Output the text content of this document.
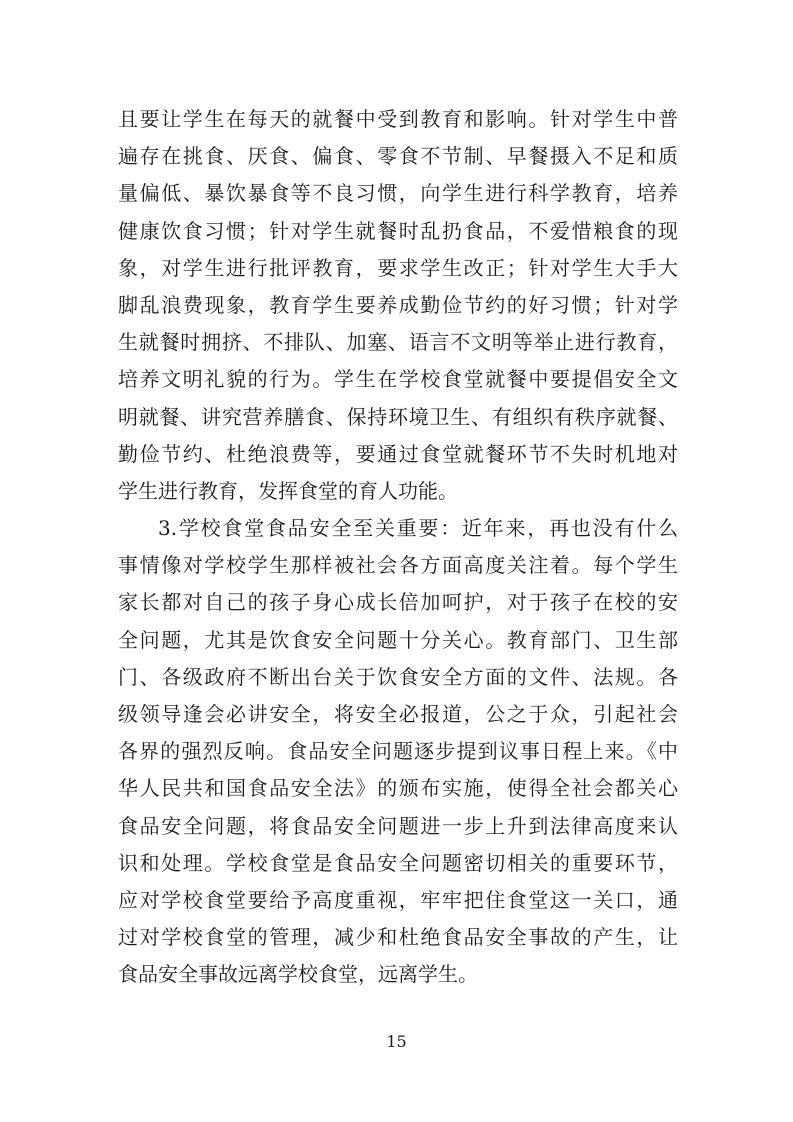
且要让学生在每天的就餐中受到教育和影响。针对学生中普
遍存在挑食、厌食、偏食、零食不节制、早餐摄入不足和质
量偏低、暴饮暴食等不良习惯，向学生进行科学教育，培养
健康饮食习惯；针对学生就餐时乱扔食品，不爱惜粮食的现
象，对学生进行批评教育，要求学生改正；针对学生大手大
脚乱浪费现象，教育学生要养成勤俭节约的好习惯；针对学
生就餐时拥挤、不排队、加塞、语言不文明等举止进行教育，
培养文明礼貌的行为。学生在学校食堂就餐中要提倡安全文
明就餐、讲究营养膳食、保持环境卫生、有组织有秩序就餐、
勤俭节约、杜绝浪费等，要通过食堂就餐环节不失时机地对
学生进行教育，发挥食堂的育人功能。
3.学校食堂食品安全至关重要：近年来，再也没有什么
事情像对学校学生那样被社会各方面高度关注着。每个学生
家长都对自己的孩子身心成长倍加呵护，对于孩子在校的安
全问题，尤其是饮食安全问题十分关心。教育部门、卫生部
门、各级政府不断出台关于饮食安全方面的文件、法规。各
级领导逢会必讲安全，将安全必报道，公之于众，引起社会
各界的强烈反响。食品安全问题逐步提到议事日程上来。《中
华人民共和国食品安全法》的颁布实施，使得全社会都关心
食品安全问题，将食品安全问题进一步上升到法律高度来认
识和处理。学校食堂是食品安全问题密切相关的重要环节，
应对学校食堂要给予高度重视，牢牢把住食堂这一关口，通
过对学校食堂的管理，减少和杜绝食品安全事故的产生，让
食品安全事故远离学校食堂，远离学生。
15
